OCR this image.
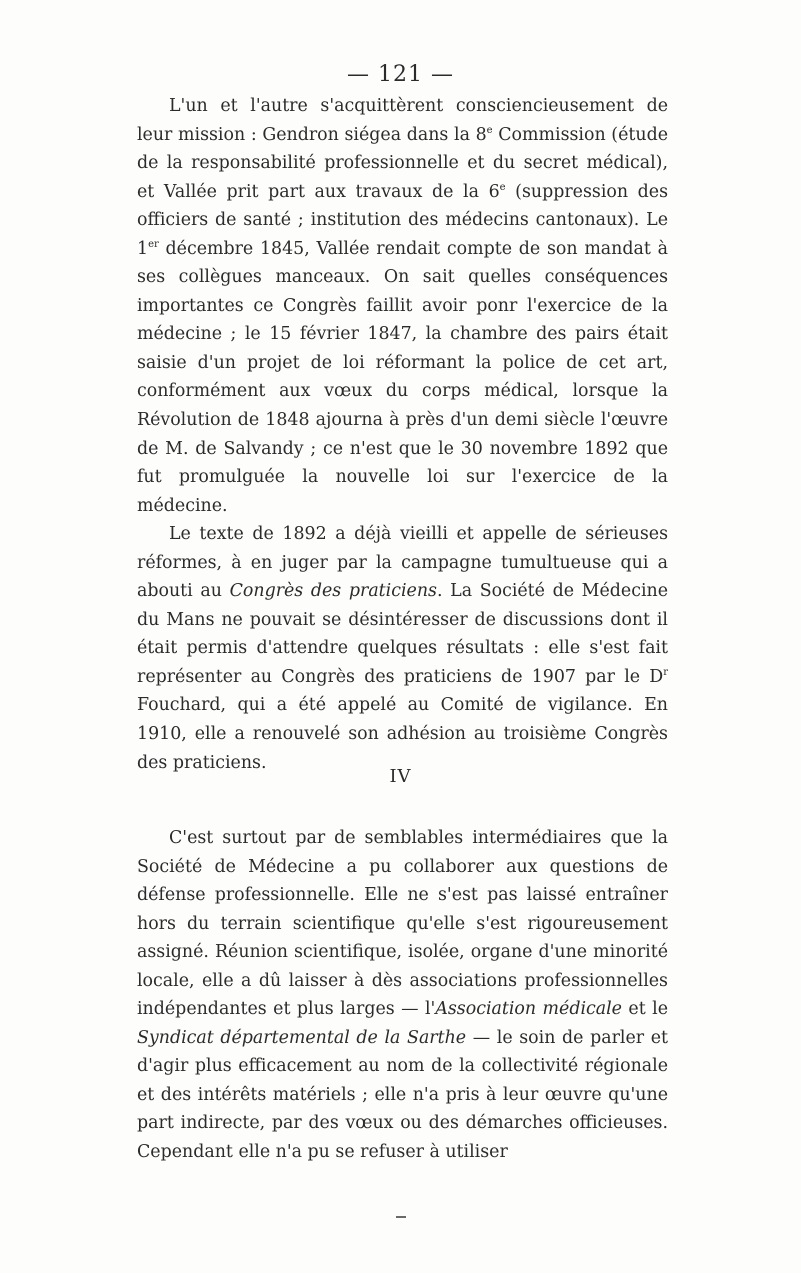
— 121 —

L'un et l'autre s'acquittèrent consciencieusement de leur mission : Gendron siégea dans la 8e Commission (étude de la responsabilité professionnelle et du secret médical), et Vallée prit part aux travaux de la 6e (suppression des officiers de santé ; institution des médecins cantonaux). Le 1er décembre 1845, Vallée rendait compte de son mandat à ses collègues manceaux. On sait quelles conséquences importantes ce Congrès faillit avoir ponr l'exercice de la médecine ; le 15 février 1847, la chambre des pairs était saisie d'un projet de loi réformant la police de cet art, conformément aux vœux du corps médical, lorsque la Révolution de 1848 ajourna à près d'un demi siècle l'œuvre de M. de Salvandy ; ce n'est que le 30 novembre 1892 que fut promulguée la nouvelle loi sur l'exercice de la médecine.

Le texte de 1892 a déjà vieilli et appelle de sérieuses réformes, à en juger par la campagne tumultueuse qui a abouti au Congrès des praticiens. La Société de Médecine du Mans ne pouvait se désintéresser de discussions dont il était permis d'attendre quelques résultats : elle s'est fait représenter au Congrès des praticiens de 1907 par le $D^r$ Fouchard, qui a été appelé au Comité de vigilance. En 1910, elle a renouvelé son adhésion au troisième Congrès des praticiens.

IV

C'est surtout par de semblables intermédiaires que la Société de Médecine a pu collaborer aux questions de défense professionnelle. Elle ne s'est pas laissé entraîner hors du terrain scientifique qu'elle s'est rigoureusement assigné. Réunion scientifique, isolée, organe d'une minorité locale, elle a dû laisser à dès associations professionnelles indépendantes et plus larges — l'Association médicale et le Syndicat départemental de la Sarthe — le soin de parler et d'agir plus efficacement au nom de la collectivité régionale et des intérêts matériels ; elle n'a pris à leur œuvre qu'une part indirecte, par des vœux ou des démarches officieuses. Cependant elle n'a pu se refuser à utiliser
